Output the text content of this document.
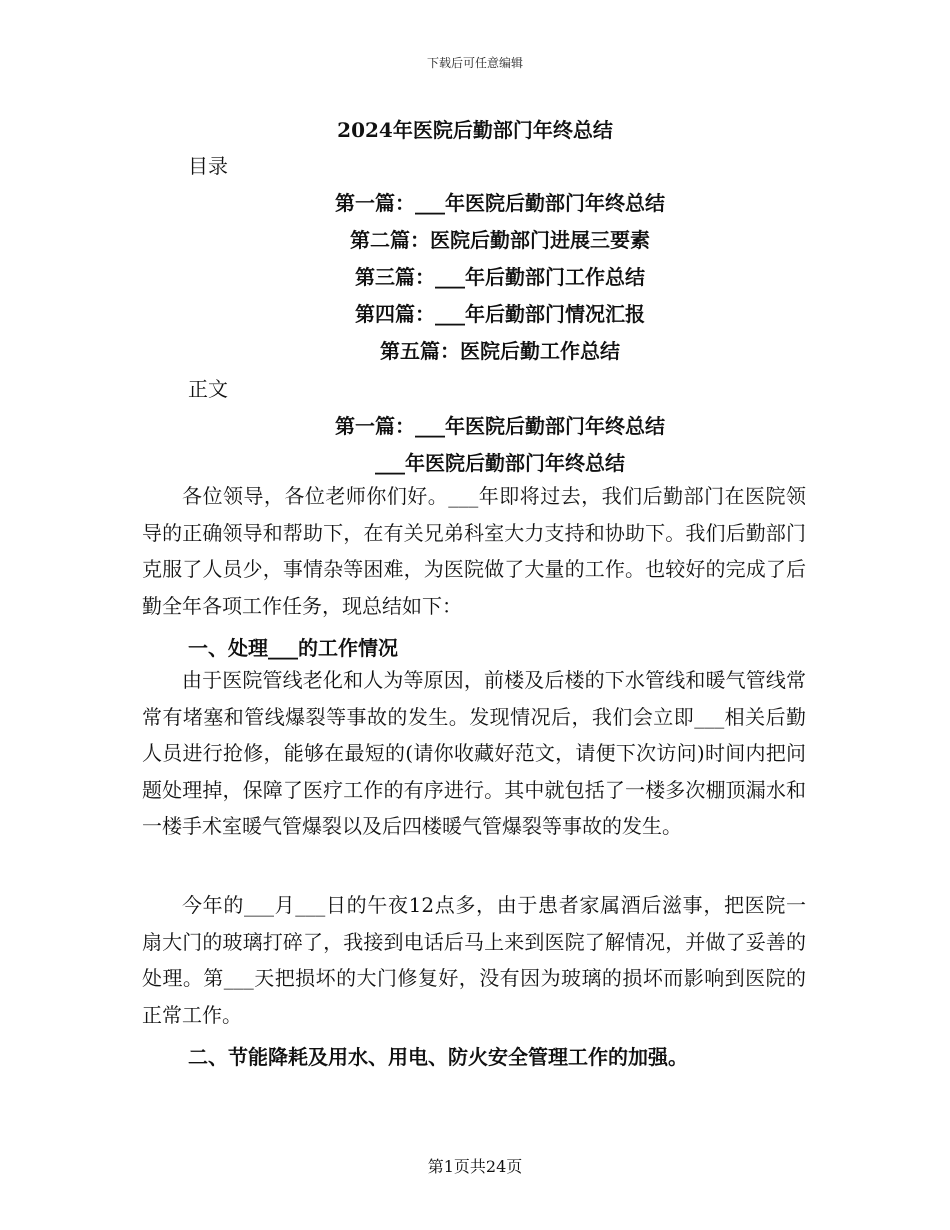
下载后可任意编辑
2024年医院后勤部门年终总结
目录
第一篇：___年医院后勤部门年终总结
第二篇：医院后勤部门进展三要素
第三篇：___年后勤部门工作总结
第四篇：___年后勤部门情况汇报
第五篇：医院后勤工作总结
正文
第一篇：___年医院后勤部门年终总结
___年医院后勤部门年终总结

各位领导，各位老师你们好。___年即将过去，我们后勤部门在医院领导的正确领导和帮助下，在有关兄弟科室大力支持和协助下。我们后勤部门克服了人员少，事情杂等困难，为医院做了大量的工作。也较好的完成了后勤全年各项工作任务，现总结如下：

一、处理___的工作情况

由于医院管线老化和人为等原因，前楼及后楼的下水管线和暖气管线常常有堵塞和管线爆裂等事故的发生。发现情况后，我们会立即___相关后勤人员进行抢修，能够在最短的(请你收藏好范文，请便下次访问)时间内把问题处理掉，保障了医疗工作的有序进行。其中就包括了一楼多次棚顶漏水和一楼手术室暖气管爆裂以及后四楼暖气管爆裂等事故的发生。

今年的___月___日的午夜12点多，由于患者家属酒后滋事，把医院一扇大门的玻璃打碎了，我接到电话后马上来到医院了解情况，并做了妥善的处理。第___天把损坏的大门修复好，没有因为玻璃的损坏而影响到医院的正常工作。

二、节能降耗及用水、用电、防火安全管理工作的加强。
第1页共24页
